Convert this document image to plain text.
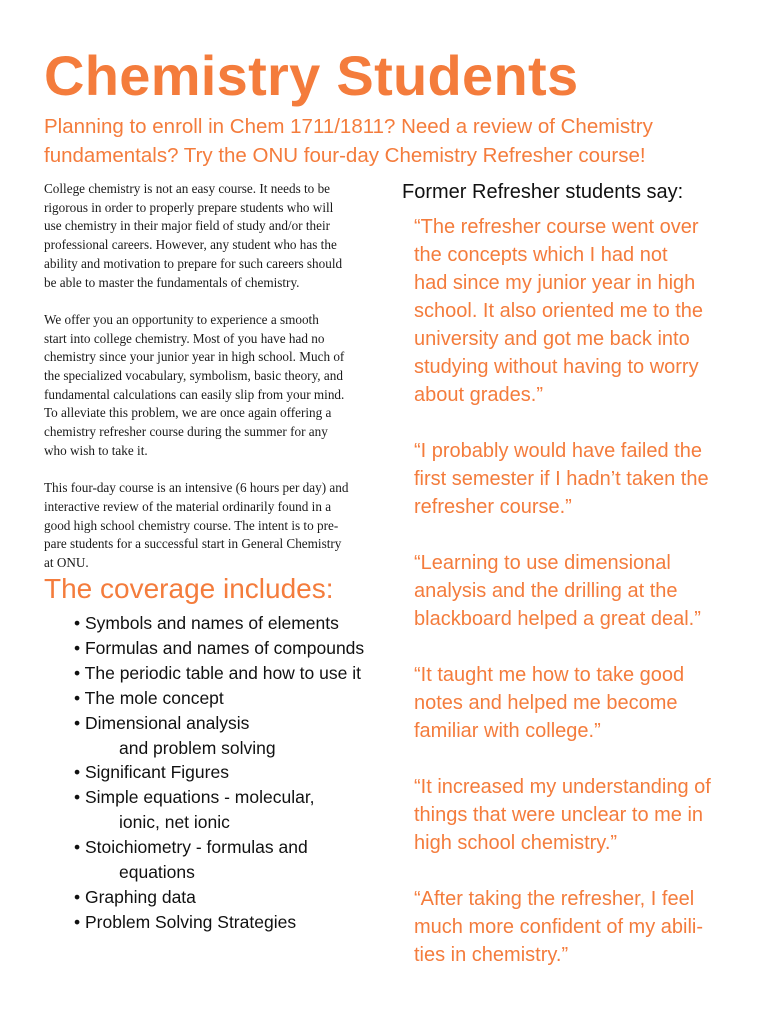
Chemistry Students

Planning to enroll in Chem 1711/1811? Need a review of Chemistry
fundamentals? Try the ONU four-day Chemistry Refresher course!

College chemistry is not an easy course. It needs to be
rigorous in order to properly prepare students who will
use chemistry in their major field of study and/or their
professional careers. However, any student who has the
ability and motivation to prepare for such careers should
be able to master the fundamentals of chemistry.

We offer you an opportunity to experience a smooth
start into college chemistry. Most of you have had no
chemistry since your junior year in high school. Much of
the specialized vocabulary, symbolism, basic theory, and
fundamental calculations can easily slip from your mind.
To alleviate this problem, we are once again offering a
chemistry refresher course during the summer for any
who wish to take it.

This four-day course is an intensive (6 hours per day) and
interactive review of the material ordinarily found in a
good high school chemistry course. The intent is to pre-
pare students for a successful start in General Chemistry
at ONU.

The coverage includes:
• Symbols and names of elements
• Formulas and names of compounds
• The periodic table and how to use it
• The mole concept
• Dimensional analysis
and problem solving
• Significant Figures
• Simple equations - molecular,
ionic, net ionic
• Stoichiometry - formulas and
equations
• Graphing data
• Problem Solving Strategies
Former Refresher students say:

“The refresher course went over
the concepts which I had not
had since my junior year in high
school. It also oriented me to the
university and got me back into
studying without having to worry
about grades.”

“I probably would have failed the
first semester if I hadn’t taken the
refresher course.”

“Learning to use dimensional
analysis and the drilling at the
blackboard helped a great deal.”

“It taught me how to take good
notes and helped me become
familiar with college.”

“It increased my understanding of
things that were unclear to me in
high school chemistry.”

“After taking the refresher, I feel
much more confident of my abili-
ties in chemistry.”
